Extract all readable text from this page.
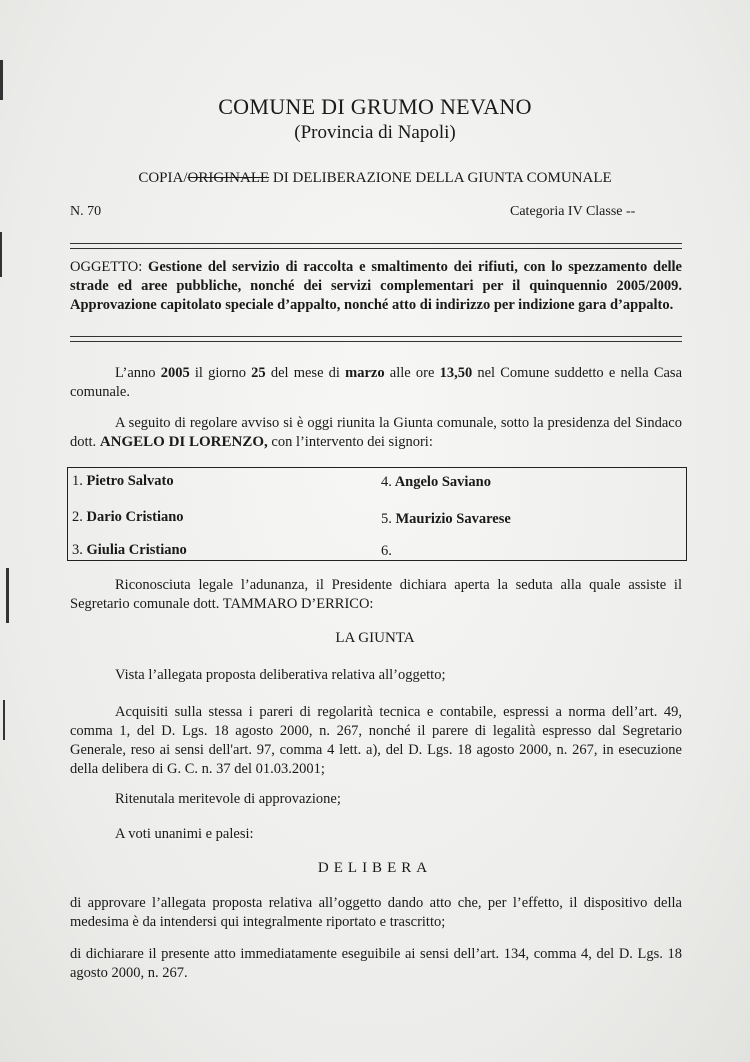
COMUNE DI GRUMO NEVANO
(Provincia di Napoli)
COPIA/ORIGINALE DI DELIBERAZIONE DELLA GIUNTA COMUNALE
N. 70	Categoria IV Classe --
OGGETTO: Gestione del servizio di raccolta e smaltimento dei rifiuti, con lo spezzamento delle strade ed aree pubbliche, nonché dei servizi complementari per il quinquennio 2005/2009. Approvazione capitolato speciale d’appalto, nonché atto di indirizzo per indizione gara d’appalto.
L’anno 2005 il giorno 25 del mese di marzo alle ore 13,50 nel Comune suddetto e nella Casa comunale.
A seguito di regolare avviso si è oggi riunita la Giunta comunale, sotto la presidenza del Sindaco dott. ANGELO DI LORENZO, con l’intervento dei signori:
1. Pietro Salvato
2. Dario Cristiano
3. Giulia Cristiano
4. Angelo Saviano
5. Maurizio Savarese
6.
Riconosciuta legale l’adunanza, il Presidente dichiara aperta la seduta alla quale assiste il Segretario comunale dott. TAMMARO D’ERRICO:
LA GIUNTA
Vista l’allegata proposta deliberativa relativa all’oggetto;
Acquisiti sulla stessa i pareri di regolarità tecnica e contabile, espressi a norma dell’art. 49, comma 1, del D. Lgs. 18 agosto 2000, n. 267, nonché il parere di legalità espresso dal Segretario Generale, reso ai sensi dell'art. 97, comma 4 lett. a), del D. Lgs. 18 agosto 2000, n. 267, in esecuzione della delibera di G. C. n. 37 del 01.03.2001;
Ritenutala meritevole di approvazione;
A voti unanimi e palesi:
DELIBERA
di approvare l’allegata proposta relativa all’oggetto dando atto che, per l’effetto, il dispositivo della medesima è da intendersi qui integralmente riportato e trascritto;
di dichiarare il presente atto immediatamente eseguibile ai sensi dell’art. 134, comma 4, del D. Lgs. 18 agosto 2000, n. 267.
